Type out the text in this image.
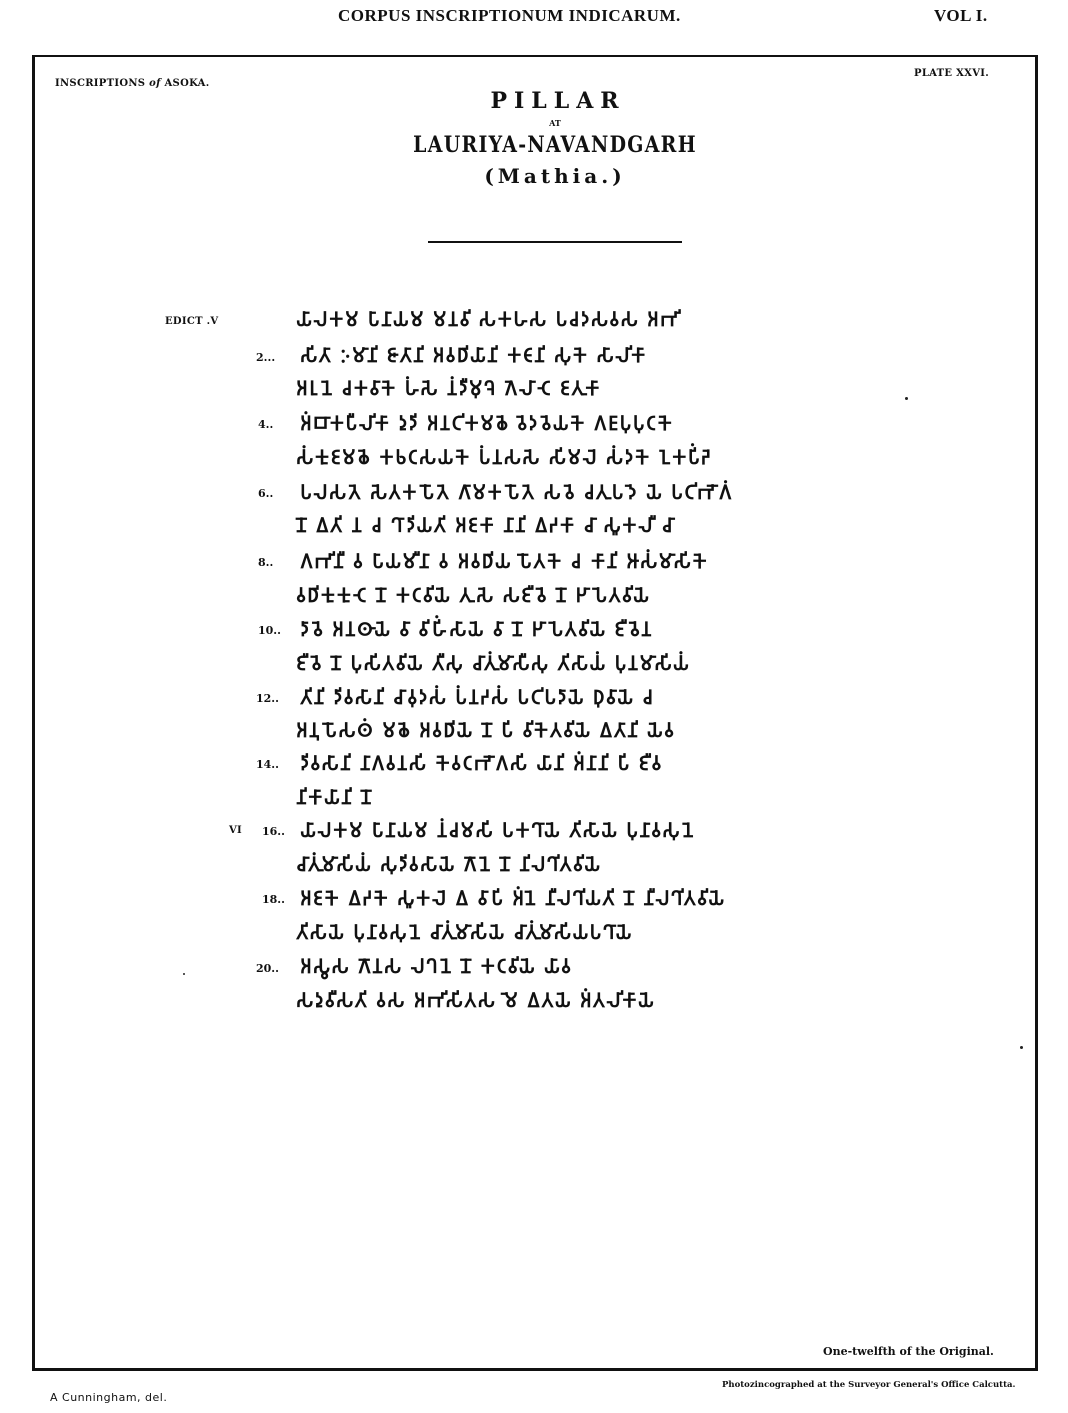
CORPUS INSCRIPTIONUM INDICARUM.	VOL I.
INSCRIPTIONS of ASOKA.
PLATE XXVI.
PILLAR
AT
LAURIYA-NAVANDGARH
(Mathia.)
EDICT .V
VI
2...
4..
6..
8..
10..
12..
14..
16..
18..
20..
𑀬𑀸𑀮𑀓𑀫 𑀧𑀸𑀦𑀸𑀬𑀫 𑀫𑀦𑀯𑀺 𑀲𑀓𑀳𑀲 𑀧𑀘𑀤𑀲𑀯𑀲 𑀅𑀪𑀺
𑀲𑀺𑀢𑀸 𑀇𑀫𑀸𑀦𑀺 𑀚𑀸𑀢𑀸𑀦𑀺 𑀅𑀯𑀥𑀺𑀬𑀸𑀦𑀺 𑀓𑀝𑀸𑀦𑀺 𑀲𑀼𑀓𑁂 𑀲𑀸𑀮𑀺𑀓𑀸
𑀅𑀭𑀼𑀦𑁂 𑀘𑀓𑀯𑀸𑀓𑁂 𑀳𑀁𑀲𑁂 𑀦𑀁𑀤𑀻𑀫𑀼𑀔𑁂 𑀕𑁂𑀮𑀸𑀝𑁂 𑀚𑀢𑀼𑀓𑀸
𑀅𑀁𑀩𑀸𑀓𑀧𑀻𑀮𑀺𑀓𑀸 𑀤𑀼𑀤𑀺 𑀅𑀦𑀝𑀺𑀓𑀫𑀙𑁂 𑀯𑁂𑀤𑀯𑁂𑀬𑀓𑁂 𑀕𑀗𑀸𑀧𑀼𑀧𑀼𑀝𑀓𑁂
𑀲𑀁𑀓𑀼𑀚𑀫𑀙𑁂 𑀓𑀨𑀝𑀲𑀬𑀓𑁂 𑀧𑀁𑀦𑀲𑀲𑁂 𑀲𑀺𑀫𑀮𑁂 𑀲𑀁𑀤𑀓𑁂 𑀑𑀓𑀧𑀺𑀁𑀟𑁂
𑀧𑀮𑀲𑀢𑁂 𑀲𑁂𑀢𑀓𑀧𑁄𑀢𑁂 𑀕𑀸𑀫𑀓𑀧𑁄𑀢𑁂 𑀲𑀯𑁂 𑀘𑀢𑀼𑀧𑀤𑁂 𑀬𑁂 𑀧𑀝𑀺𑀪𑁄𑀕𑀁
𑀦𑁄 𑀏𑀢𑀺 𑀦 𑀘 𑀔𑀸𑀤𑀺𑀬𑀢𑀺 𑀅𑀚𑀓𑀸 𑀦𑀸𑀦𑀺 𑀏𑀟𑀓𑀸 𑀘𑀸 𑀲𑀽𑀓𑀮𑀻 𑀘𑀸
𑀕𑀪𑀺𑀦𑀻 𑀯 𑀧𑀸𑀬𑀫𑀻𑀦𑀸 𑀯 𑀅𑀯𑀥𑀺𑀬 𑀧𑁄𑀢𑀓𑁂 𑀘 𑀓𑀸𑀦𑀺 𑀆𑀲𑀁𑀫𑀸𑀲𑀺𑀓𑁂
𑀯𑀥𑀺𑀓𑀼𑀓𑀼𑀝𑁂 𑀦𑁄 𑀓𑀝𑀯𑀺𑀬𑁂 𑀢𑀼𑀲𑁂 𑀲𑀚𑀻𑀯𑁂 𑀦𑁄 𑀛𑀸𑀧𑁂𑀢𑀯𑀺𑀬𑁂
𑀤𑀸𑀯𑁂 𑀅𑀦𑀣𑀸𑀬𑁂 𑀯𑀸 𑀯𑀺𑀳𑀺𑀁𑀲𑀸𑀬𑁂 𑀯𑀸 𑀦𑁄 𑀛𑀸𑀧𑁂𑀢𑀯𑀺𑀬𑁂 𑀚𑀻𑀯𑁂𑀦
𑀚𑀻𑀯𑁂 𑀦𑁄 𑀧𑀼𑀲𑀺𑀢𑀯𑀺𑀬𑁂 𑀢𑀻𑀲𑀼 𑀘𑀸𑀢𑀼𑀁𑀫𑀸𑀲𑀻𑀲𑀼 𑀢𑀺𑀲𑀸𑀬𑀁 𑀧𑀼𑀦𑀫𑀸𑀲𑀺𑀬𑀁
𑀢𑀺𑀦𑀺 𑀤𑀺𑀯𑀲𑀸𑀦𑀺 𑀘𑀸𑀯𑀼𑀤𑀲𑀁 𑀧𑀁𑀦𑀟𑀲𑀁 𑀧𑀝𑀺𑀧𑀤𑀸𑀬𑁂 𑀥𑀼𑀯𑀸𑀬𑁂 𑀘
𑀅𑀦𑀼𑀧𑁄𑀲𑀣𑀁 𑀫𑀙𑁂 𑀅𑀯𑀥𑀺𑀬𑁂 𑀦𑁄 𑀧𑀺 𑀯𑀺𑀓𑁂𑀢𑀯𑀺𑀬𑁂 𑀏𑀢𑀸𑀦𑀺 𑀬𑁂𑀯
𑀤𑀺𑀯𑀲𑀸𑀦𑀺 𑀦𑀸𑀕𑀯𑀦𑀲𑀺 𑀓𑁂𑀯𑀝𑀪𑁄𑀕𑀲𑀺 𑀬𑀸𑀦𑀺 𑀅𑀁𑀦𑀸𑀦𑀺 𑀧𑀺 𑀚𑀻𑀯
𑀦𑀺𑀓𑀸𑀬𑀸𑀦𑀺 𑀦𑁄
𑀬𑀸𑀮𑀓𑀫 𑀧𑀸𑀦𑀸𑀬𑀫 𑀦𑀁𑀘𑀫𑀲𑀺 𑀧𑀓𑀔𑀸𑀬𑁂 𑀢𑀺𑀲𑀸𑀬𑁂 𑀧𑀼𑀦𑀸𑀯𑀲𑀼𑀦𑁂
𑀘𑀸𑀢𑀼𑀁𑀫𑀸𑀲𑀺𑀬𑀁 𑀲𑀼𑀤𑀺𑀯𑀲𑀸𑀬𑁂 𑀕𑁄𑀦𑁂 𑀦𑁄 𑀦𑀺𑀮𑀔𑀺𑀢𑀯𑀺𑀬𑁂
𑀅𑀚𑀓𑁂 𑀏𑀟𑀓𑁂 𑀲𑀽𑀓𑀮𑁂 𑀏 𑀯𑀸𑀧𑀺 𑀅𑀁𑀦𑁂 𑀦𑀻𑀮𑀔𑀺𑀬𑀢𑀺 𑀦𑁄 𑀦𑀻𑀮𑀔𑀺𑀢𑀯𑀺𑀬𑁂
𑀢𑀺𑀲𑀸𑀬𑁂 𑀧𑀼𑀦𑀸𑀯𑀲𑀼𑀦𑁂 𑀘𑀸𑀢𑀼𑀁𑀫𑀸𑀲𑀺𑀬𑁂 𑀘𑀸𑀢𑀼𑀁𑀫𑀸𑀲𑀺𑀬𑀧𑀔𑀸𑀬𑁂
𑀅𑀲𑁆𑀯𑀲 𑀕𑁄𑀦𑀲 𑀮𑀔𑀦𑁂 𑀦𑁄 𑀓𑀝𑀯𑀺𑀬𑁂 𑀬𑀸𑀯
𑀲𑀤𑀼𑀯𑀻𑀲𑀢𑀺 𑀯𑀲 𑀅𑀪𑀺𑀲𑀺𑀢𑀲 𑀫𑁂 𑀏𑀢𑀬𑁂 𑀅𑀁𑀢𑀮𑀺𑀓𑀸𑀬𑁂
One-twelfth of the Original.
A Cunningham, del.
Photozincographed at the Surveyor General's Office Calcutta.
